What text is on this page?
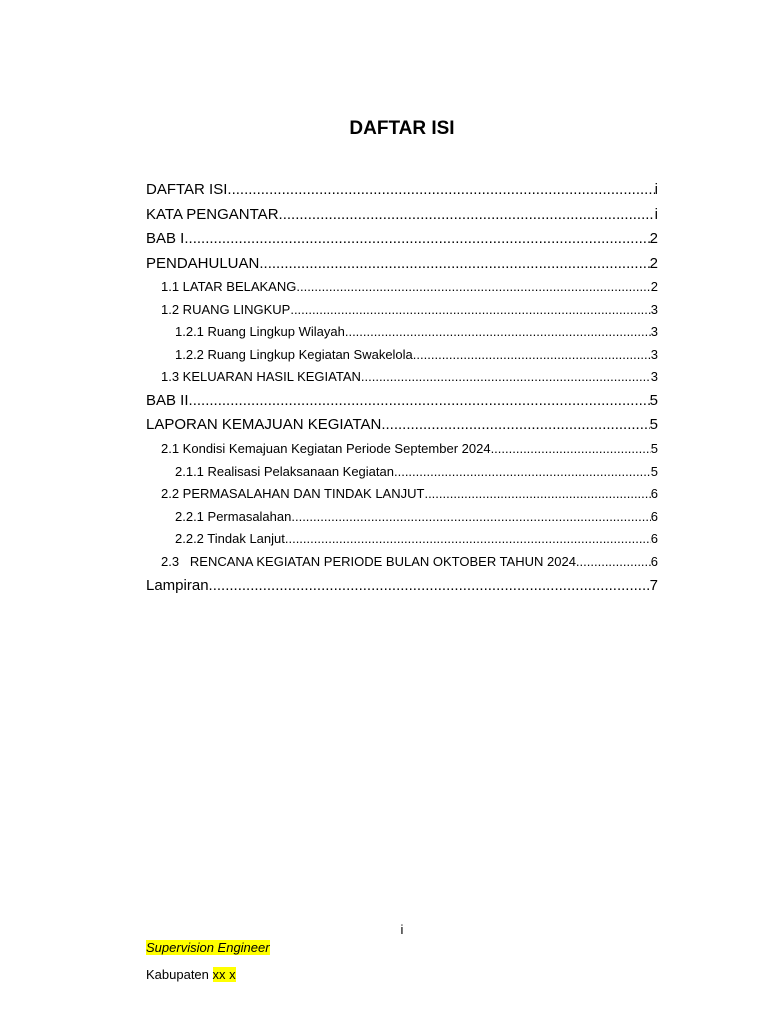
DAFTAR ISI
DAFTAR ISI .....	i
KATA PENGANTAR .....	i
BAB I .....	2
PENDAHULUAN .....	2
1.1 LATAR BELAKANG .....	2
1.2 RUANG LINGKUP .....	3
1.2.1 Ruang Lingkup Wilayah .....	3
1.2.2 Ruang Lingkup Kegiatan Swakelola .....	3
1.3 KELUARAN HASIL KEGIATAN .....	3
BAB II .....	5
LAPORAN KEMAJUAN KEGIATAN .....	5
2.1 Kondisi Kemajuan Kegiatan Periode September 2024 .....	5
2.1.1 Realisasi Pelaksanaan Kegiatan .....	5
2.2 PERMASALAHAN DAN TINDAK LANJUT .....	6
2.2.1 Permasalahan .....	6
2.2.2 Tindak Lanjut .....	6
2.3   RENCANA KEGIATAN PERIODE BULAN OKTOBER TAHUN 2024 .....	6
Lampiran .....	7
i
Supervision Engineer
Kabupaten xx x
